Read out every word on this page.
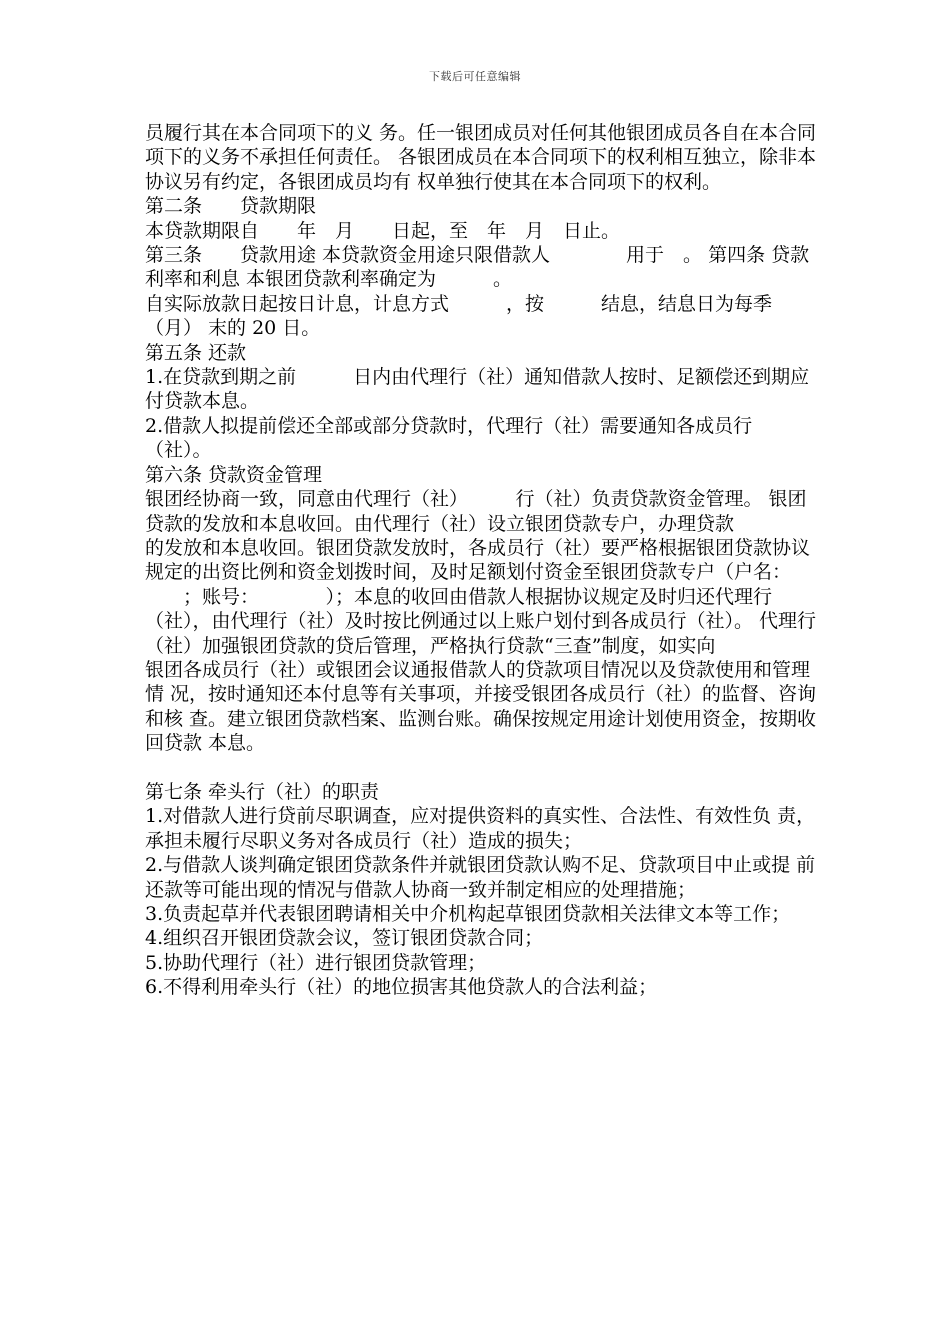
下载后可任意编辑

员履行其在本合同项下的义 务。任一银团成员对任何其他银团成员各自在本合同项下的义务不承担任何责任。 各银团成员在本合同项下的权利相互独立，除非本协议另有约定，各银团成员均有 权单独行使其在本合同项下的权利。

第二条　　贷款期限

本贷款期限自　　年　月　　日起，至　年　月　日止。

第三条　　贷款用途 本贷款资金用途只限借款人　　　　用于　。 第四条 贷款利率和利息 本银团贷款利率确定为　　　。

自实际放款日起按日计息，计息方式　　　，按　　　结息，结息日为每季（月） 末的 20 日。

第五条 还款

1.在贷款到期之前　　　日内由代理行（社）通知借款人按时、足额偿还到期应 付贷款本息。

2.借款人拟提前偿还全部或部分贷款时，代理行（社）需要通知各成员行

（社）。

第六条 贷款资金管理

银团经协商一致，同意由代理行（社）　　　行（社）负责贷款资金管理。 银团贷款的发放和本息收回。由代理行（社）设立银团贷款专户，办理贷款

的发放和本息收回。银团贷款发放时，各成员行（社）要严格根据银团贷款协议 规定的出资比例和资金划拨时间，及时足额划付资金至银团贷款专户（户名：

　　；账号：　　　　）；本息的收回由借款人根据协议规定及时归还代理行

（社），由代理行（社）及时按比例通过以上账户划付到各成员行（社）。 代理行（社）加强银团贷款的贷后管理，严格执行贷款“三查”制度，如实向

银团各成员行（社）或银团会议通报借款人的贷款项目情况以及贷款使用和管理情 况，按时通知还本付息等有关事项，并接受银团各成员行（社）的监督、咨询和核 查。建立银团贷款档案、监测台账。确保按规定用途计划使用资金，按期收回贷款 本息。

第七条 牵头行（社）的职责

1.对借款人进行贷前尽职调查，应对提供资料的真实性、合法性、有效性负 责，承担未履行尽职义务对各成员行（社）造成的损失；

2.与借款人谈判确定银团贷款条件并就银团贷款认购不足、贷款项目中止或提 前还款等可能出现的情况与借款人协商一致并制定相应的处理措施；

3.负责起草并代表银团聘请相关中介机构起草银团贷款相关法律文本等工作；

4.组织召开银团贷款会议，签订银团贷款合同；

5.协助代理行（社）进行银团贷款管理；

6.不得利用牵头行（社）的地位损害其他贷款人的合法利益；
